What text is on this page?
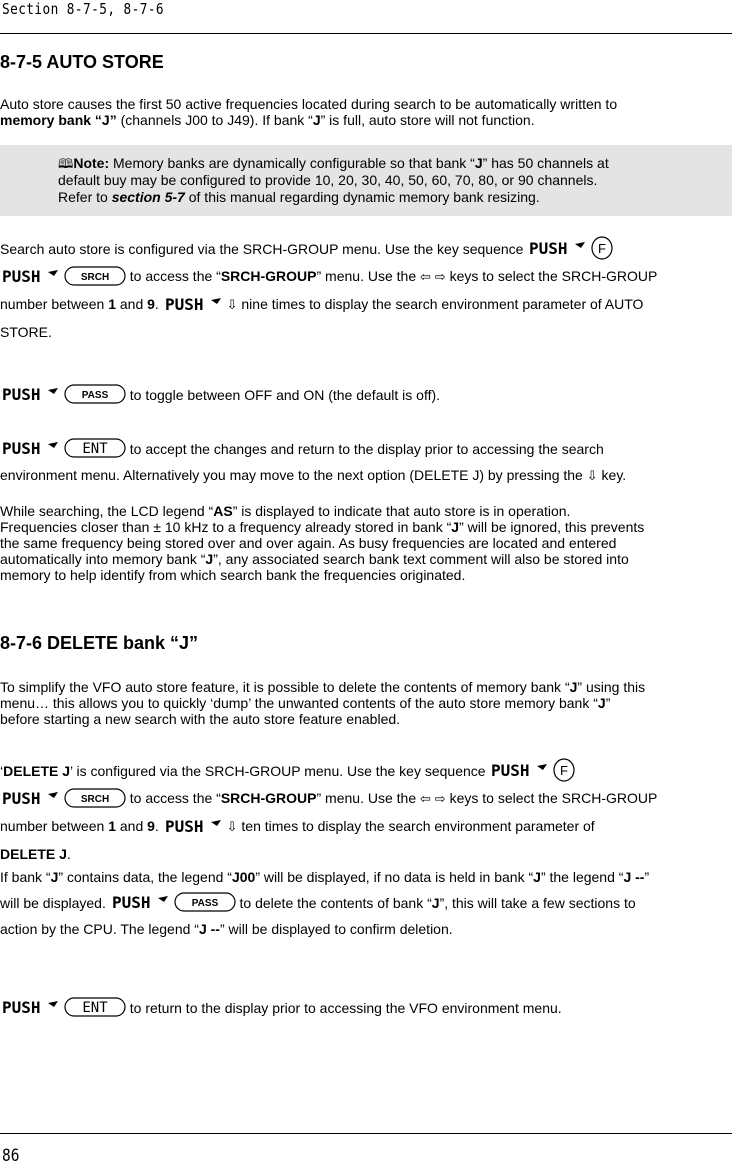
Section 8-7-5, 8-7-6
86
8-7-5 AUTO STORE

Auto store causes the first 50 active frequencies located during search to be automatically written to
memory bank “J” (channels J00 to J49). If bank “J” is full, auto store will not function.

🕮Note: Memory banks are dynamically configurable so that bank “J” has 50 channels at
default buy may be configured to provide 10, 20, 30, 40, 50, 60, 70, 80, or 90 channels.
Refer to section 5-7 of this manual regarding dynamic memory bank resizing.

Search auto store is configured via the SRCH-GROUP menu. Use the key sequence PUSH
F

PUSH
	SRCH to access the “SRCH-GROUP” menu. Use the ⇦ ⇨ keys to select the SRCH-GROUP
number between 1 and 9. PUSH ⇩ nine times to display the search environment parameter of AUTO
STORE.

PUSH
	PASS to toggle between OFF and ON (the default is off).

PUSH
	ENT to accept the changes and return to the display prior to accessing the search
environment menu. Alternatively you may move to the next option (DELETE J) by pressing the ⇩ key.

While searching, the LCD legend “AS” is displayed to indicate that auto store is in operation.
Frequencies closer than ± 10 kHz to a frequency already stored in bank “J” will be ignored, this prevents
the same frequency being stored over and over again. As busy frequencies are located and entered
automatically into memory bank “J”, any associated search bank text comment will also be stored into
memory to help identify from which search bank the frequencies originated.

8-7-6 DELETE bank “J”

To simplify the VFO auto store feature, it is possible to delete the contents of memory bank “J” using this
menu… this allows you to quickly ‘dump’ the unwanted contents of the auto store memory bank “J”
before starting a new search with the auto store feature enabled.

‘DELETE J’ is configured via the SRCH-GROUP menu. Use the key sequence PUSH
F

PUSH
	SRCH to access the “SRCH-GROUP” menu. Use the ⇦ ⇨ keys to select the SRCH-GROUP
number between 1 and 9. PUSH ⇩ ten times to display the search environment parameter of
DELETE J.

If bank “J” contains data, the legend “J00” will be displayed, if no data is held in bank “J” the legend “J --”
will be displayed. PUSH
	PASS to delete the contents of bank “J”, this will take a few sections to
action by the CPU. The legend “J --” will be displayed to confirm deletion.

PUSH
	ENT to return to the display prior to accessing the VFO environment menu.
